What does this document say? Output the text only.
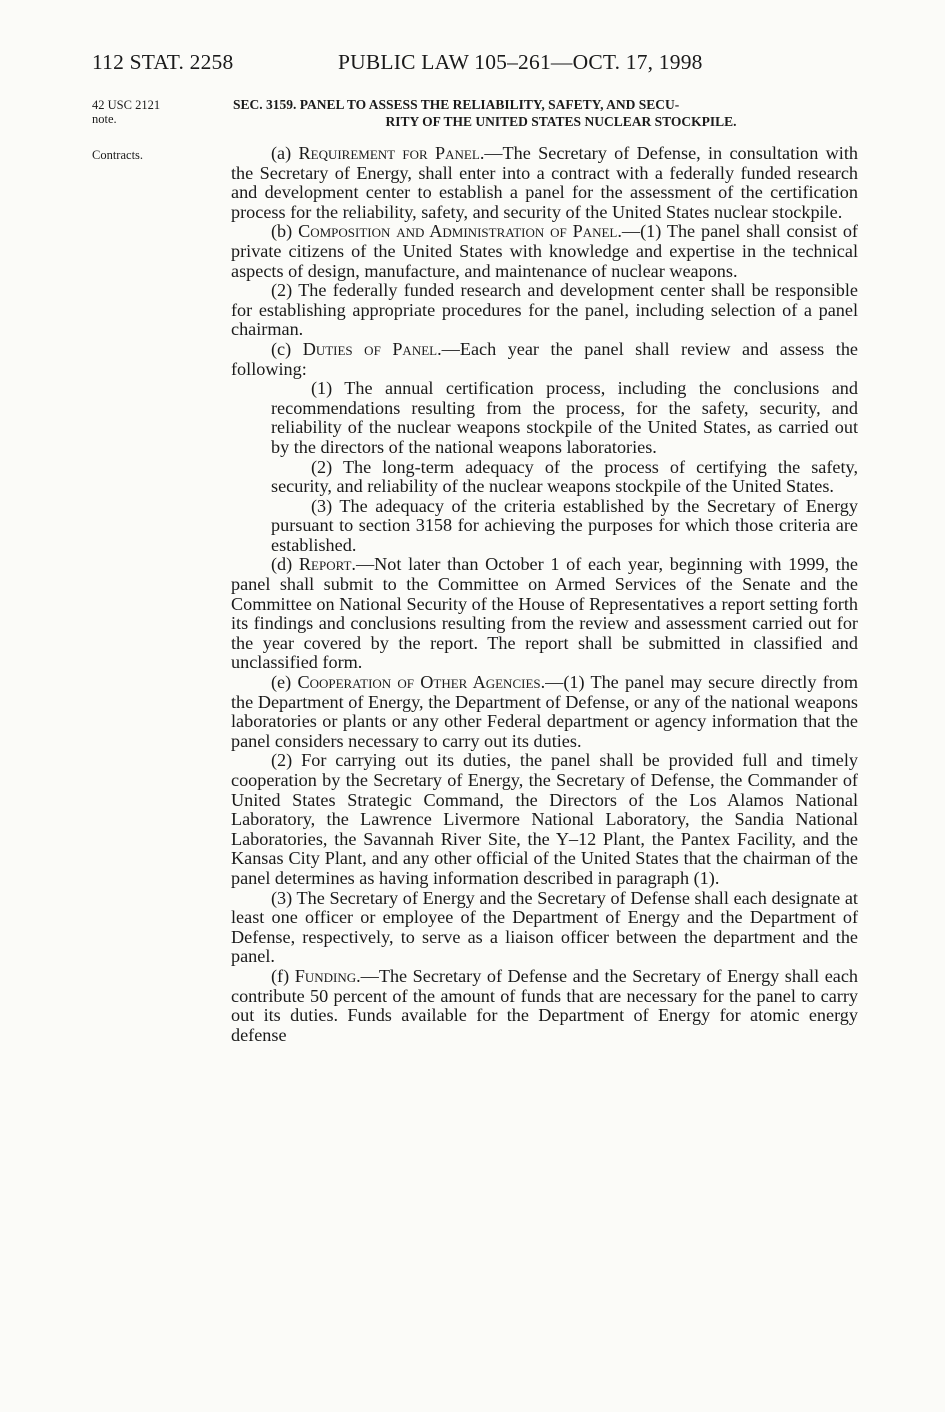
112 STAT. 2258	PUBLIC LAW 105–261—OCT. 17, 1998
42 USC 2121
note.
Contracts.
SEC. 3159. PANEL TO ASSESS THE RELIABILITY, SAFETY, AND SECU-
RITY OF THE UNITED STATES NUCLEAR STOCKPILE.

(a) Requirement for Panel.—The Secretary of Defense, in consultation with the Secretary of Energy, shall enter into a contract with a federally funded research and development center to establish a panel for the assessment of the certification process for the reliability, safety, and security of the United States nuclear stockpile.

(b) Composition and Administration of Panel.—(1) The panel shall consist of private citizens of the United States with knowledge and expertise in the technical aspects of design, manufacture, and maintenance of nuclear weapons.

(2) The federally funded research and development center shall be responsible for establishing appropriate procedures for the panel, including selection of a panel chairman.

(c) Duties of Panel.—Each year the panel shall review and assess the following:

(1) The annual certification process, including the conclusions and recommendations resulting from the process, for the safety, security, and reliability of the nuclear weapons stockpile of the United States, as carried out by the directors of the national weapons laboratories.

(2) The long-term adequacy of the process of certifying the safety, security, and reliability of the nuclear weapons stockpile of the United States.

(3) The adequacy of the criteria established by the Secretary of Energy pursuant to section 3158 for achieving the purposes for which those criteria are established.

(d) Report.—Not later than October 1 of each year, beginning with 1999, the panel shall submit to the Committee on Armed Services of the Senate and the Committee on National Security of the House of Representatives a report setting forth its findings and conclusions resulting from the review and assessment carried out for the year covered by the report. The report shall be submitted in classified and unclassified form.

(e) Cooperation of Other Agencies.—(1) The panel may secure directly from the Department of Energy, the Department of Defense, or any of the national weapons laboratories or plants or any other Federal department or agency information that the panel considers necessary to carry out its duties.

(2) For carrying out its duties, the panel shall be provided full and timely cooperation by the Secretary of Energy, the Secretary of Defense, the Commander of United States Strategic Command, the Directors of the Los Alamos National Laboratory, the Lawrence Livermore National Laboratory, the Sandia National Laboratories, the Savannah River Site, the Y–12 Plant, the Pantex Facility, and the Kansas City Plant, and any other official of the United States that the chairman of the panel determines as having information described in paragraph (1).

(3) The Secretary of Energy and the Secretary of Defense shall each designate at least one officer or employee of the Department of Energy and the Department of Defense, respectively, to serve as a liaison officer between the department and the panel.

(f) Funding.—The Secretary of Defense and the Secretary of Energy shall each contribute 50 percent of the amount of funds that are necessary for the panel to carry out its duties. Funds available for the Department of Energy for atomic energy defense
